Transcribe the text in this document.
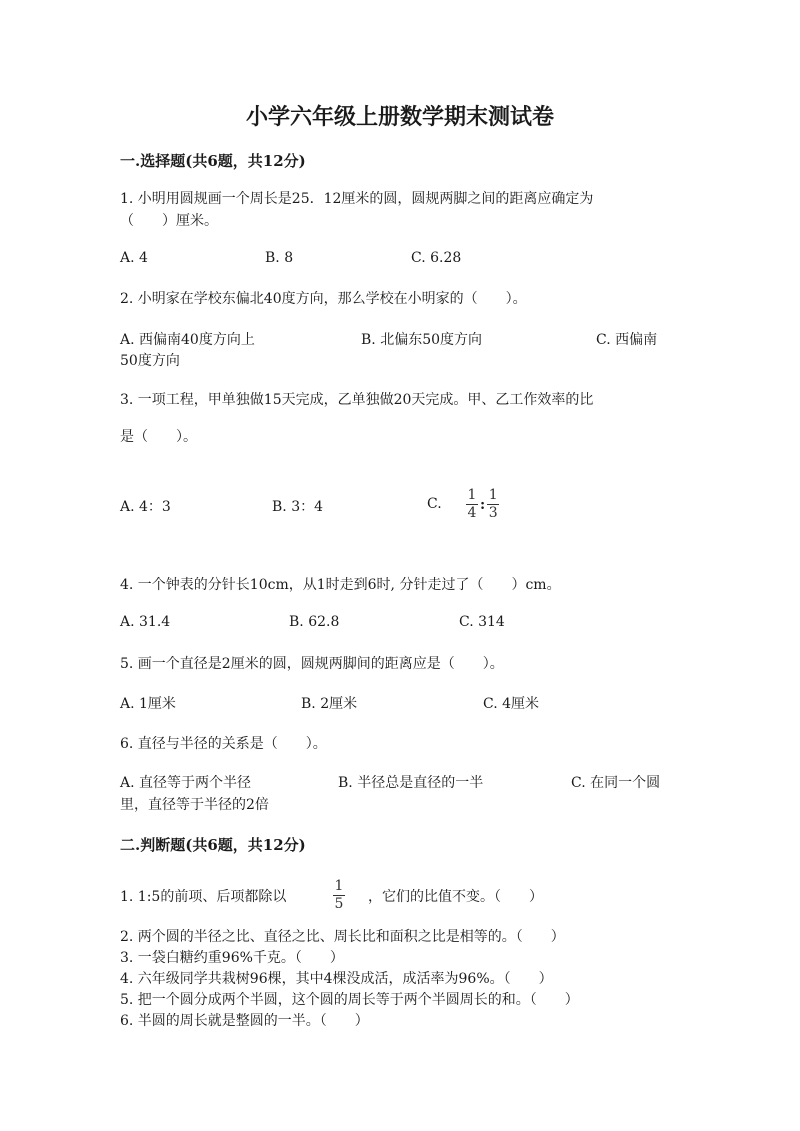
小学六年级上册数学期末测试卷
一.选择题(共6题，共12分)
1. 小明用圆规画一个周长是25．12厘米的圆，圆规两脚之间的距离应确定为
（　　）厘米。
A. 4	B. 8	C. 6.28
2. 小明家在学校东偏北40度方向，那么学校在小明家的（　　）。
A. 西偏南40度方向上	B. 北偏东50度方向	C. 西偏南
50度方向
3. 一项工程，甲单独做15天完成，乙单独做20天完成。甲、乙工作效率的比
是（　　）。
A. 4：3	B. 3：4	C. $\frac{1}{4}$ : $\frac{1}{3}$
4. 一个钟表的分针长10cm，从1时走到6时, 分针走过了（　　）cm。
A. 31.4	B. 62.8	C. 314
5. 画一个直径是2厘米的圆，圆规两脚间的距离应是（　　）。
A. 1厘米	B. 2厘米	C. 4厘米
6. 直径与半径的关系是（　　）。
A. 直径等于两个半径	B. 半径总是直径的一半	C. 在同一个圆
里，直径等于半径的2倍
二.判断题(共6题，共12分)
1. 1:5的前项、后项都除以
1
5 ，它们的比值不变。（　　）
2. 两个圆的半径之比、直径之比、周长比和面积之比是相等的。（　　）
3. 一袋白糖约重96%千克。（　　）
4. 六年级同学共栽树96棵，其中4棵没成活，成活率为96%。（　　）
5. 把一个圆分成两个半圆，这个圆的周长等于两个半圆周长的和。（　　）
6. 半圆的周长就是整圆的一半。（　　）
